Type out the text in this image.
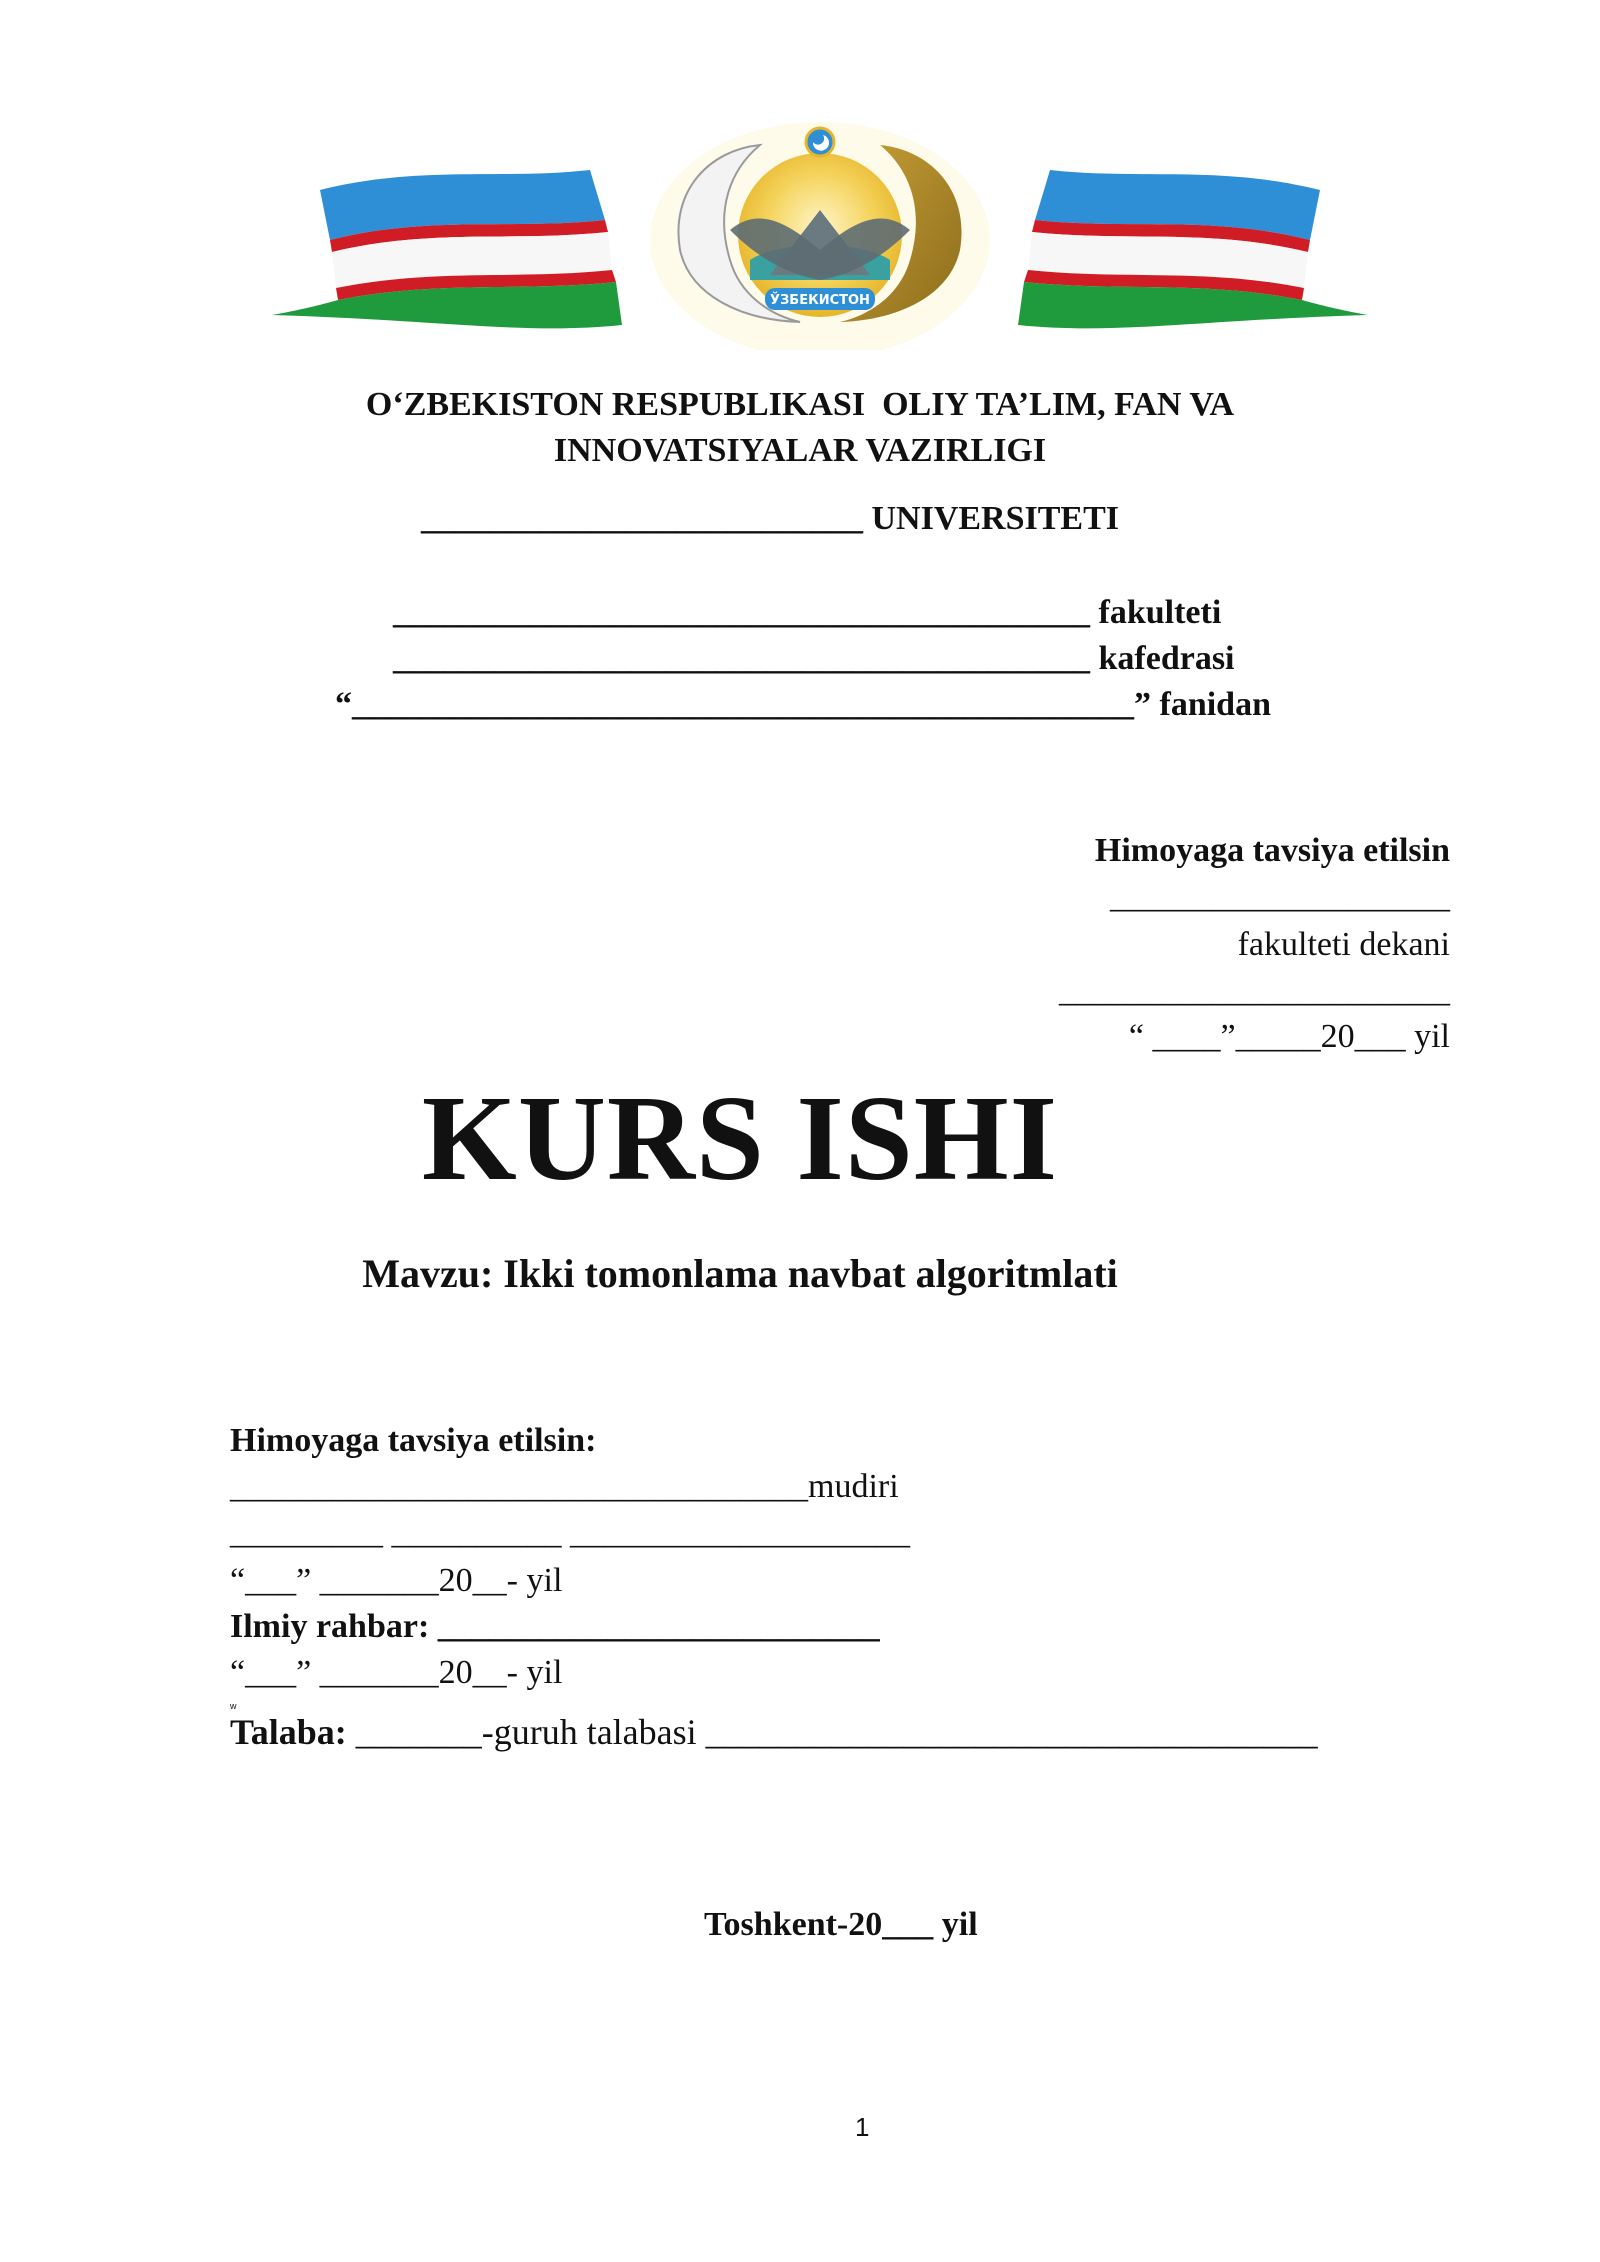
ЎЗБЕКИСТОН
O‘ZBEKISTON RESPUBLIKASI  OLIY TA’LIM, FAN VA
INNOVATSIYALAR VAZIRLIGI
__________________________ UNIVERSITETI
_________________________________________ fakulteti
_________________________________________ kafedrasi
“______________________________________________” fanidan
Himoyaga tavsiya etilsin
____________________
fakulteti dekani
_______________________
“ ____”_____20___ yil
KURS ISHI
Mavzu: Ikki tomonlama navbat algoritmlati
Himoyaga tavsiya etilsin:
__________________________________mudiri
_________ __________ ____________________
“___” _______20__- yil
Ilmiy rahbar: __________________________
“___” _______20__- yil
w
Talaba: _______-guruh talabasi __________________________________
Toshkent-20___ yil
1
